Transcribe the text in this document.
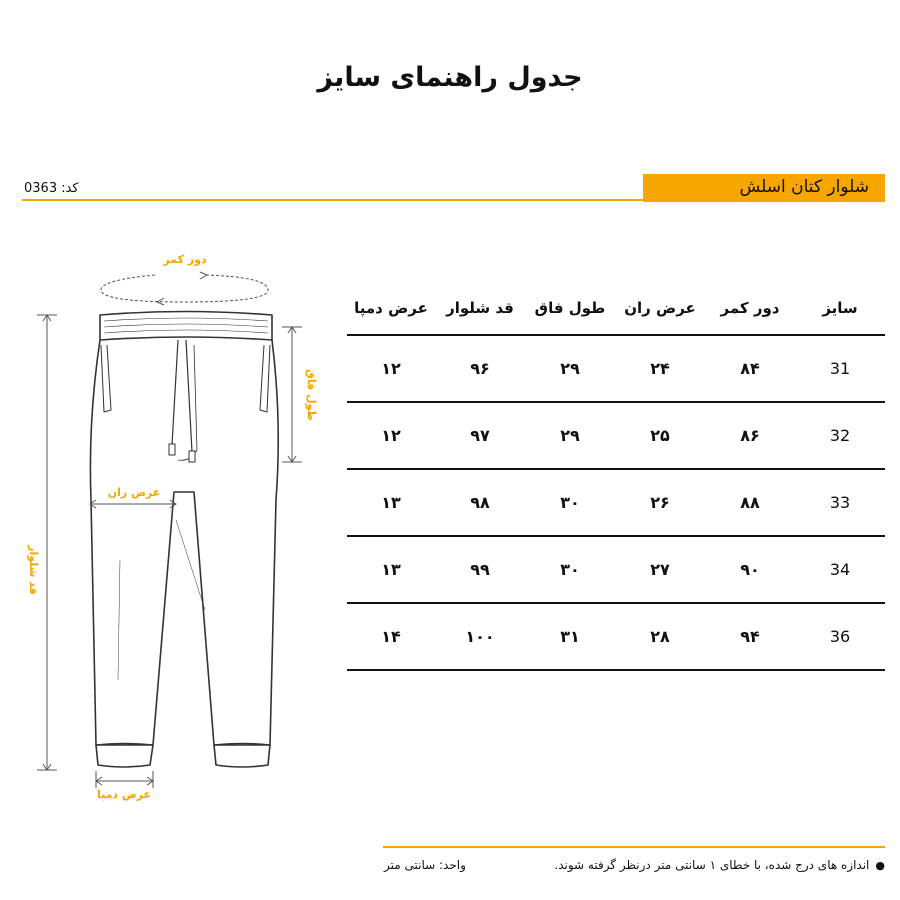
جدول راهنمای سایز
کد: 0363	شلوار کتان اسلش
دور کمر
طول فاق
عرض ران
قد شلوار
عرض دمپا
سایز	دور کمر	عرض ران	طول فاق	قد شلوار	عرض دمپا
31	۸۴	۲۴	۲۹	۹۶	۱۲
32	۸۶	۲۵	۲۹	۹۷	۱۲
33	۸۸	۲۶	۳۰	۹۸	۱۳
34	۹۰	۲۷	۳۰	۹۹	۱۳
36	۹۴	۲۸	۳۱	۱۰۰	۱۴
●اندازه های درج شده، با خطای ۱ سانتی متر درنظر گرفته شوند.
واحد: سانتی متر
